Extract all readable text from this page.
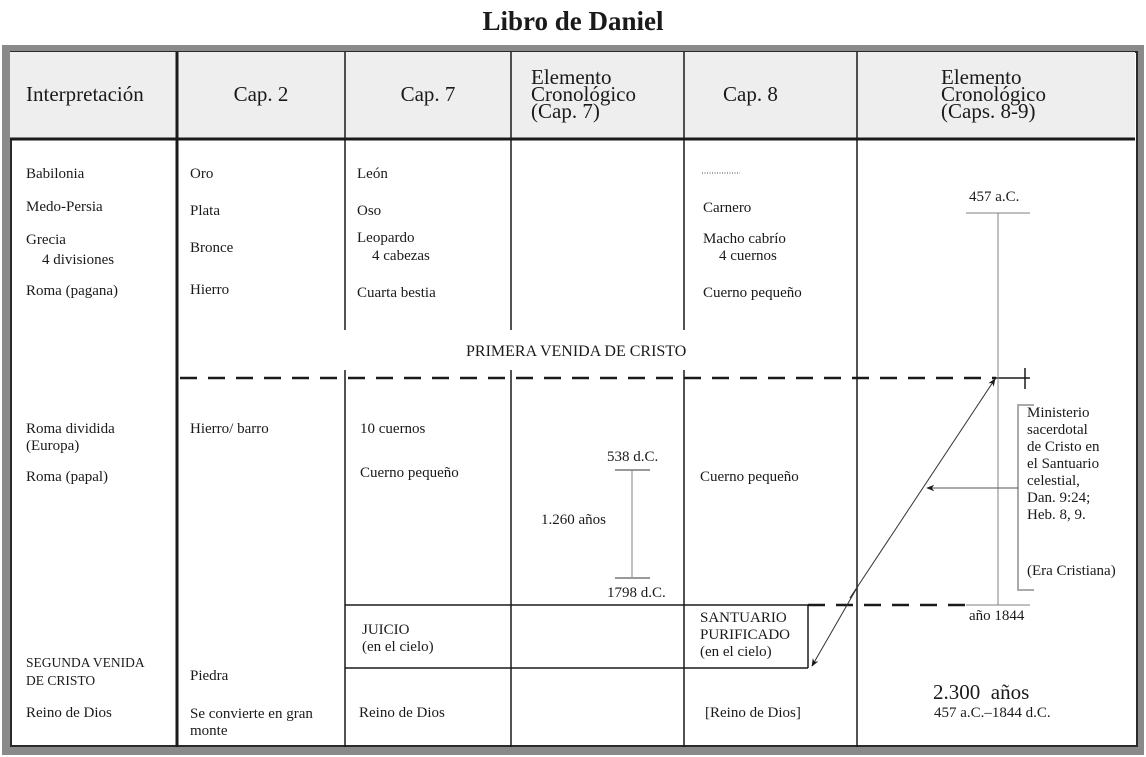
Libro de Daniel
Interpretación	Cap. 2	Cap. 7
Elemento
Cronológico
(Cap. 7)
Cap. 8
Elemento
Cronológico
(Caps. 8-9)
Babilonia
Medo-Persia
Grecia
4 divisiones
Roma (pagana)
Roma dividida
(Europa)
Roma (papal)
SEGUNDA VENIDA
DE CRISTO
Reino de Dios
Oro
Plata
Bronce
Hierro
Hierro/ barro
Piedra
Se convierte en gran
monte
León
Oso
Leopardo
4 cabezas
Cuarta bestia
10 cuernos
Cuerno pequeño
JUICIO
(en el cielo)
Reino de Dios
538 d.C.
1.260 años
1798 d.C.
Carnero
Macho cabrío
4 cuernos
Cuerno pequeño
Cuerno pequeño
SANTUARIO
PURIFICADO
(en el cielo)
[Reino de Dios]
457 a.C.
Ministerio
sacerdotal
de Cristo en
el Santuario
celestial,
Dan. 9:24;
Heb. 8, 9.
(Era Cristiana)
año 1844
2.300  años
457 a.C.–1844 d.C.
PRIMERA VENIDA DE CRISTO
